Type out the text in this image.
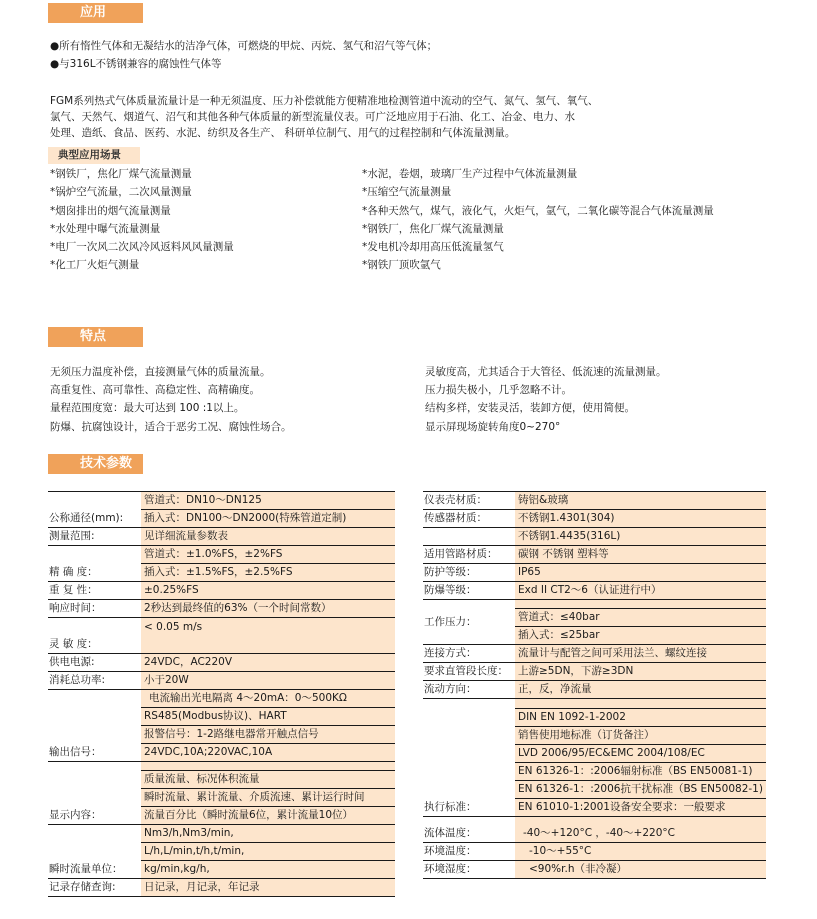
应用
●所有惰性气体和无凝结水的洁净气体，可燃烧的甲烷、丙烷、氢气和沼气等气体；
●与316L不锈钢兼容的腐蚀性气体等
FGM系列热式气体质量流量计是一种无须温度、压力补偿就能方便精准地检测管道中流动的空气、氮气、氢气、氧气、
氯气、天然气、烟道气、沼气和其他各种气体质量的新型流量仪表。可广泛地应用于石油、化工、冶金、电力、水
处理、造纸、食品、医药、水泥、纺织及各生产、 科研单位制气、用气的过程控制和气体流量测量。
典型应用场景
*钢铁厂，焦化厂煤气流量测量
*锅炉空气流量，二次风量测量
*烟囱排出的烟气流量测量
*水处理中曝气流量测量
*电厂一次风二次风冷风返料风风量测量
*化工厂火炬气测量
*水泥，卷烟，玻璃厂生产过程中气体流量测量
*压缩空气流量测量
*各种天然气，煤气，液化气，火炬气，氩气，二氧化碳等混合气体流量测量
*钢铁厂，焦化厂煤气流量测量
*发电机冷却用高压低流量氢气
*钢铁厂顶吹氩气
特点
无须压力温度补偿，直接测量气体的质量流量。
高重复性、高可靠性、高稳定性、高精确度。
量程范围度宽：最大可达到 100 :1以上。
防爆、抗腐蚀设计，适合于恶劣工况、腐蚀性场合。
灵敏度高，尤其适合于大管径、低流速的流量测量。
压力损失极小，几乎忽略不计。
结构多样，安装灵活，装卸方便，使用简便。
显示屏现场旋转角度0~270°
技术参数
公称通径(mm):	管道式：DN10～DN125
	插入式：DN100～DN2000(特殊管道定制)
测量范围:	见详细流量参数表
精 确 度：	管道式：±1.0%FS，±2%FS
	插入式：±1.5%FS，±2.5%FS
重 复 性：	±0.25%FS
响应时间：	2秒达到最终值的63%（一个时间常数）
灵 敏 度：	< 0.05 m/s
供电电源:	24VDC，AC220V
消耗总功率:	小于20W
输出信号：	电流输出光电隔离 4～20mA：0～500KΩ
	RS485(Modbus协议)、HART
	报警信号：1-2路继电器常开触点信号
	24VDC,10A;220VAC,10A
显示内容：	
	质量流量、标况体积流量
	瞬时流量、累计流量、介质流速、累计运行时间
	流量百分比（瞬时流量6位，累计流量10位）
瞬时流量单位：	Nm3/h,Nm3/min,
	L/h,L/min,t/h,t/min,
	kg/min,kg/h,
记录存储查询:	日记录，月记录，年记录
仪表壳材质：	铸铝&玻璃
传感器材质：	不锈钢1.4301(304)
	不锈钢1.4435(316L)
适用管路材质：	碳钢 不锈钢 塑料等
防护等级：	IP65
防爆等级：	Exd II CT2～6（认证进行中）
工作压力：	
	管道式：≤40bar
	插入式：≤25bar
连接方式：	流量计与配管之间可采用法兰、螺纹连接
要求直管段长度：	上游≥5DN，下游≥3DN
流动方向：	正，反，净流量
执行标准：	
	DIN EN 1092-1-2002
	销售使用地标准（订货备注）
	LVD 2006/95/EC&EMC 2004/108/EC
	EN 61326-1：:2006辐射标准（BS EN50081-1)
	EN 61326-1：:2006抗干扰标准（BS EN50082-1)
	EN 61010-1:2001设备安全要求：一般要求
流体温度：	-40～+120°C ，-40～+220°C
环境温度：	-10～+55°C
环境湿度：	<90%r.h（非冷凝）
